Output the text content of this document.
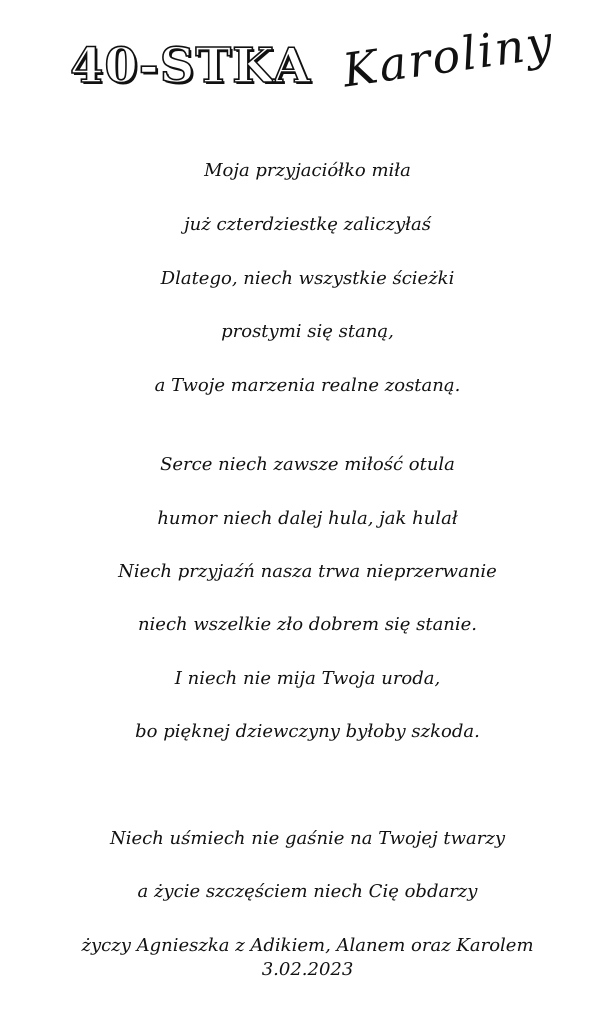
40-STKA Karoliny
Moja przyjaciółko miła
już czterdziestkę zaliczyłaś
Dlatego, niech wszystkie ścieżki
prostymi się staną,
a Twoje marzenia realne zostaną.
Serce niech zawsze miłość otula
humor niech dalej hula, jak hulał
Niech przyjaźń nasza trwa nieprzerwanie
niech wszelkie zło dobrem się stanie.
I niech nie mija Twoja uroda,
bo pięknej dziewczyny byłoby szkoda.
Niech uśmiech nie gaśnie na Twojej twarzy
a życie szczęściem niech Cię obdarzy
życzy Agnieszka z Adikiem, Alanem oraz Karolem
3.02.2023
